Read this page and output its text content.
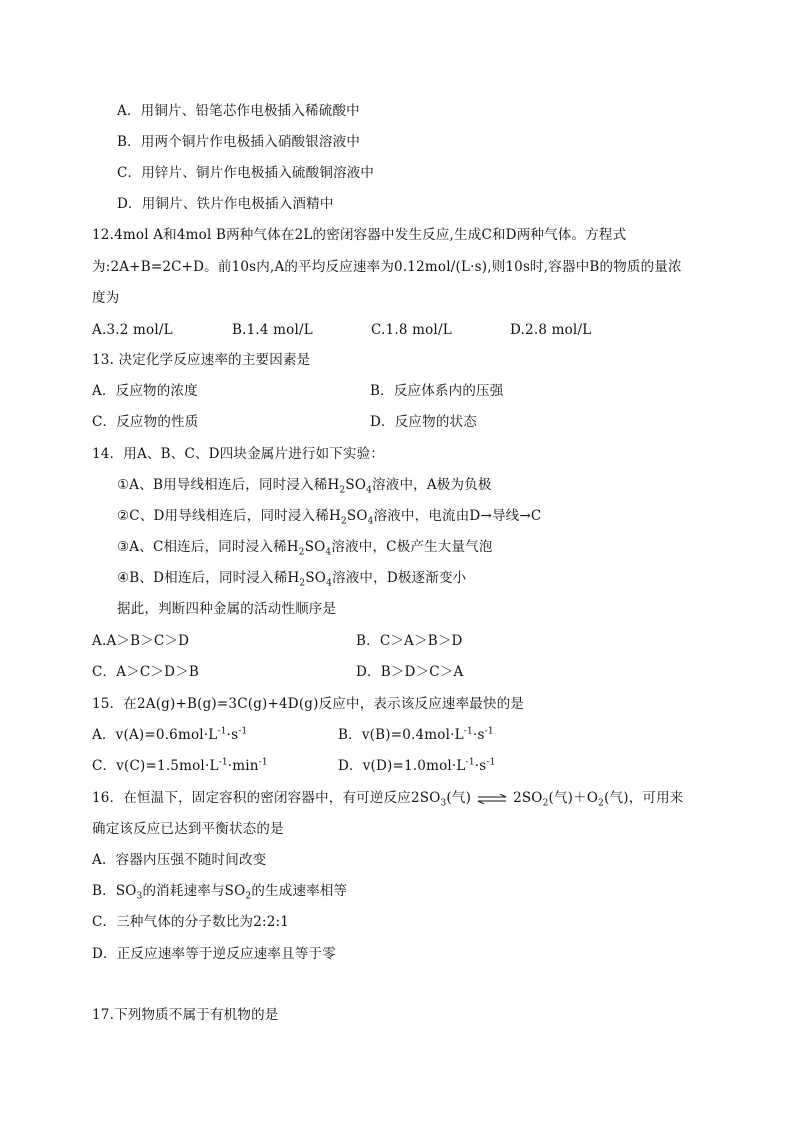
A．用铜片、铅笔芯作电极插入稀硫酸中
B．用两个铜片作电极插入硝酸银溶液中
C．用锌片、铜片作电极插入硫酸铜溶液中
D．用铜片、铁片作电极插入酒精中
12.4mol A和4mol B两种气体在2L的密闭容器中发生反应,生成C和D两种气体。方程式
为:2A+B=2C+D。前10s内,A的平均反应速率为0.12mol/(L·s),则10s时,容器中B的物质的量浓
度为
A.3.2 mol/L	B.1.4 mol/L	C.1.8 mol/L	D.2.8 mol/L
13. 决定化学反应速率的主要因素是
A．反应物的浓度	B．反应体系内的压强
C．反应物的性质	D．反应物的状态
14．用A、B、C、D四块金属片进行如下实验：
①A、B用导线相连后，同时浸入稀$H_2SO_4$溶液中，A极为负极
②C、D用导线相连后，同时浸入稀$H_2SO_4$溶液中，电流由D→导线→C
③A、C相连后，同时浸入稀$H_2SO_4$溶液中，C极产生大量气泡
④B、D相连后，同时浸入稀$H_2SO_4$溶液中，D极逐渐变小
据此，判断四种金属的活动性顺序是
A.A＞B＞C＞D	B．C＞A＞B＞D
C．A＞C＞D＞B	D．B＞D＞C＞A
15．在2A(g)+B(g)=3C(g)+4D(g)反应中，表示该反应速率最快的是
A．$v(A)=0.6mol\cdot L^{-1}\cdot s^{-1}$	B．$v(B)=0.4mol\cdot L^{-1}\cdot s^{-1}$
C．$v(C)=1.5mol\cdot L^{-1}\cdot\min^{-1}$	D．$v(D)=1.0mol\cdot L^{-1}\cdot s^{-1}$
16．在恒温下，固定容积的密闭容器中，有可逆反应$2SO_3$(气) ⇌ $2SO_2$(气)$+O_2$(气)，可用来
确定该反应已达到平衡状态的是
A．容器内压强不随时间改变
B．$SO_3$的消耗速率与$SO_2$的生成速率相等
C．三种气体的分子数比为2:2:1
D．正反应速率等于逆反应速率且等于零
17.下列物质不属于有机物的是
